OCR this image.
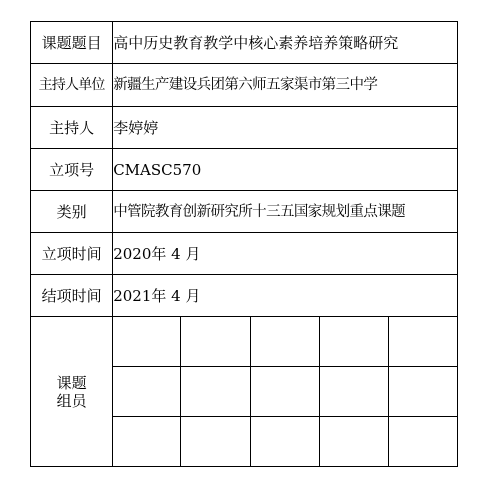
课题题目	高中历史教育教学中核心素养培养策略研究				
主持人单位	新疆生产建设兵团第六师五家渠市第三中学				
主持人	李婷婷				
立项号	CMASC570				
类别	中管院教育创新研究所十三五国家规划重点课题				
立项时间	2020年 4 月				
结项时间	2021年 4 月				

课题
组员					
